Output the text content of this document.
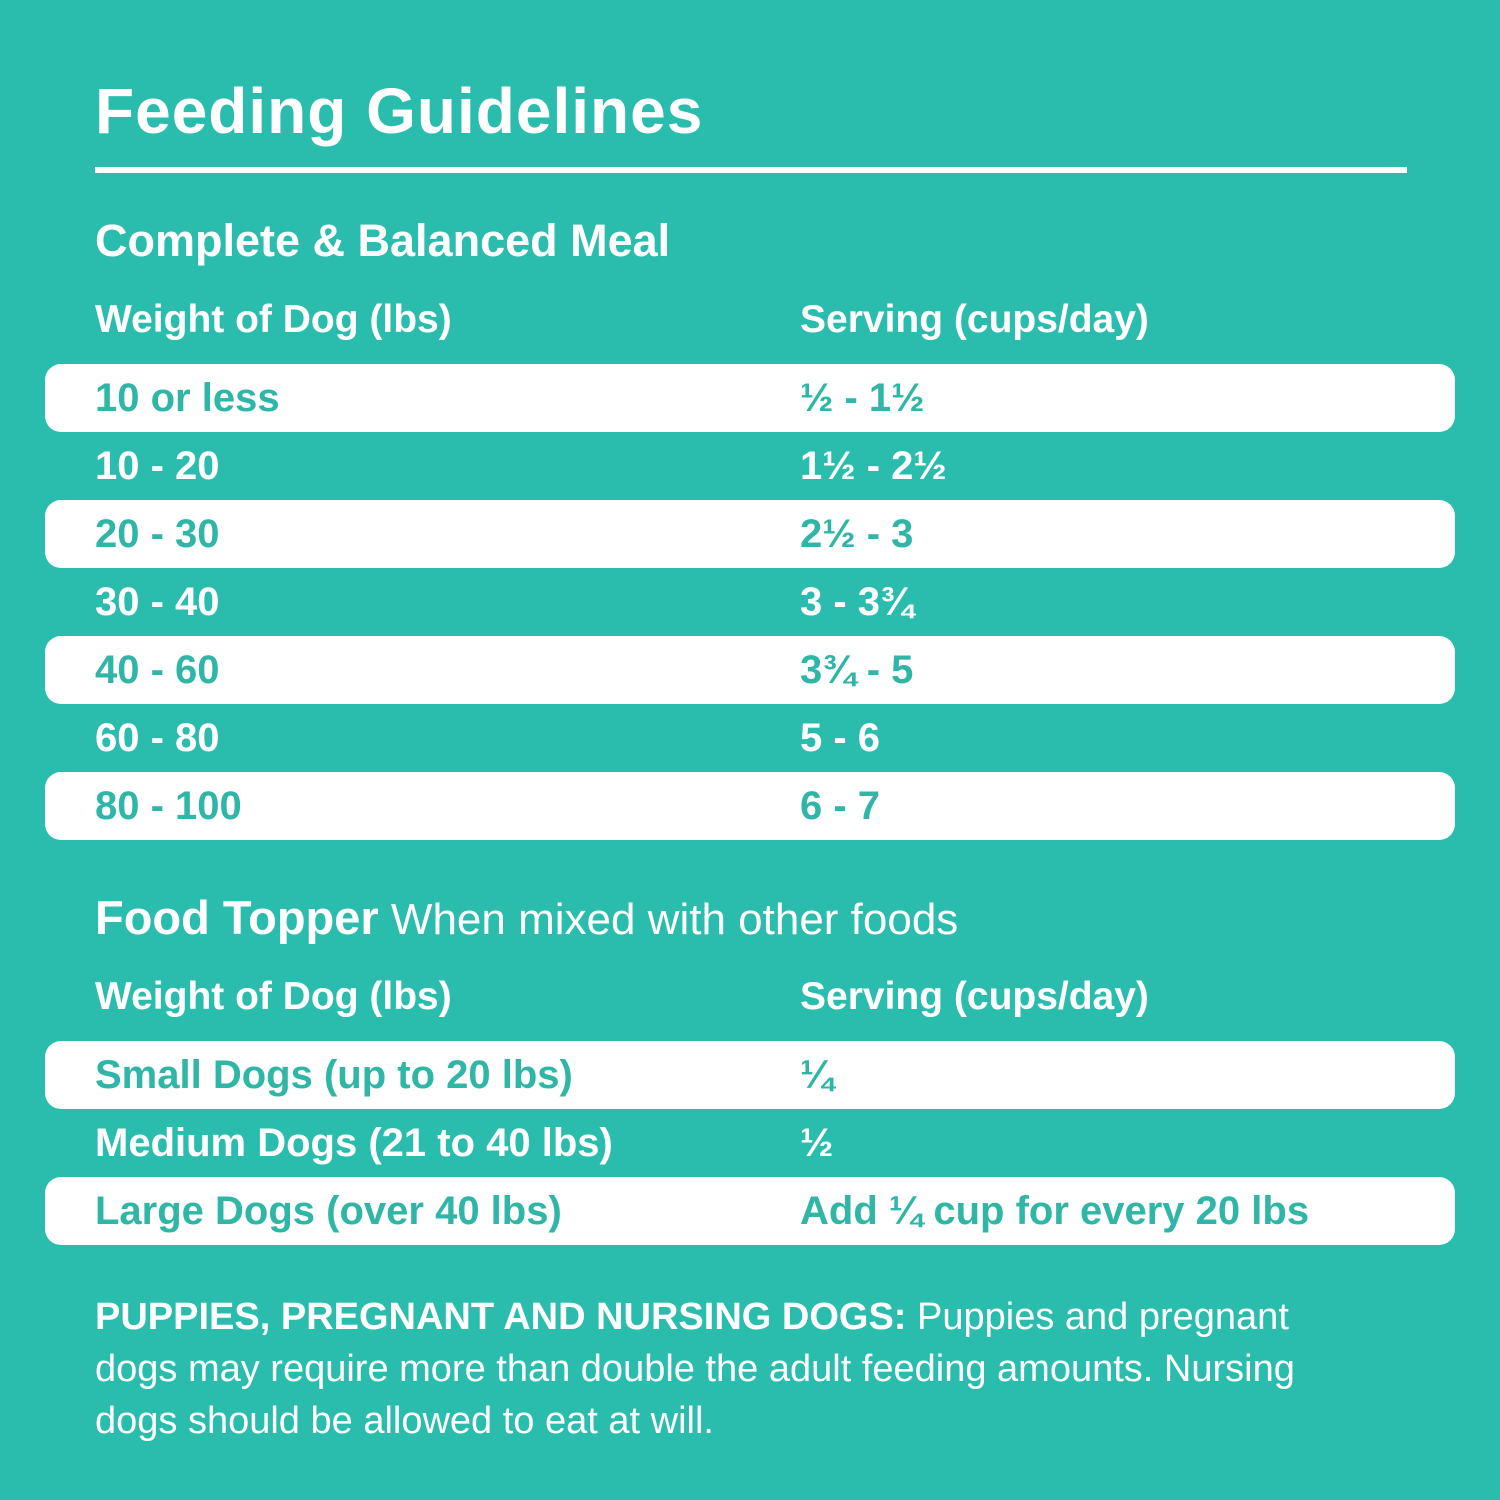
Feeding Guidelines
Complete & Balanced Meal
Weight of Dog (lbs)	Serving (cups/day)
10 or less	½ - 1½
10 - 20	1½ - 2½
20 - 30	2½ - 3
30 - 40	3 - 3¾
40 - 60	3¾ - 5
60 - 80	5 - 6
80 - 100	6 - 7
Food Topper When mixed with other foods
Weight of Dog (lbs)	Serving (cups/day)
Small Dogs (up to 20 lbs)	¼
Medium Dogs (21 to 40 lbs)	½
Large Dogs (over 40 lbs)	Add ¼ cup for every 20 lbs
PUPPIES, PREGNANT AND NURSING DOGS: Puppies and pregnant
dogs may require more than double the adult feeding amounts. Nursing
dogs should be allowed to eat at will.
